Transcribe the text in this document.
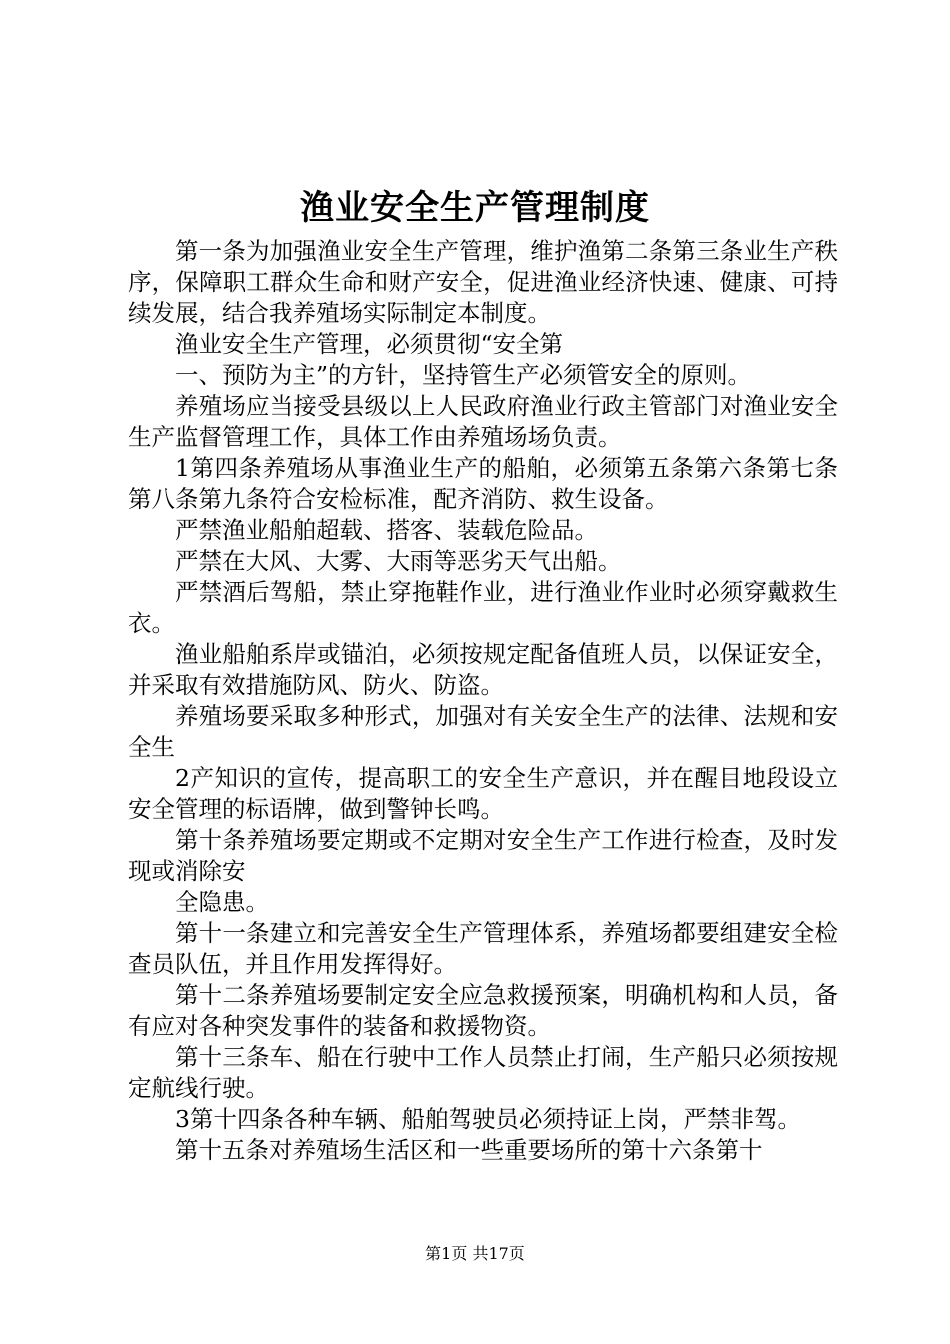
渔业安全生产管理制度

第一条为加强渔业安全生产管理，维护渔第二条第三条业生产秩序，保障职工群众生命和财产安全，促进渔业经济快速、健康、可持续发展，结合我养殖场实际制定本制度。

渔业安全生产管理，必须贯彻“安全第

一、预防为主”的方针，坚持管生产必须管安全的原则。

养殖场应当接受县级以上人民政府渔业行政主管部门对渔业安全生产监督管理工作，具体工作由养殖场场负责。

1第四条养殖场从事渔业生产的船舶，必须第五条第六条第七条第八条第九条符合安检标准，配齐消防、救生设备。

严禁渔业船舶超载、搭客、装载危险品。

严禁在大风、大雾、大雨等恶劣天气出船。

严禁酒后驾船，禁止穿拖鞋作业，进行渔业作业时必须穿戴救生衣。

渔业船舶系岸或锚泊，必须按规定配备值班人员，以保证安全，并采取有效措施防风、防火、防盗。

养殖场要采取多种形式，加强对有关安全生产的法律、法规和安全生

2产知识的宣传，提高职工的安全生产意识，并在醒目地段设立安全管理的标语牌，做到警钟长鸣。

第十条养殖场要定期或不定期对安全生产工作进行检查，及时发现或消除安

全隐患。

第十一条建立和完善安全生产管理体系，养殖场都要组建安全检查员队伍，并且作用发挥得好。

第十二条养殖场要制定安全应急救援预案，明确机构和人员，备有应对各种突发事件的装备和救援物资。

第十三条车、船在行驶中工作人员禁止打闹，生产船只必须按规定航线行驶。

3第十四条各种车辆、船舶驾驶员必须持证上岗，严禁非驾。

第十五条对养殖场生活区和一些重要场所的第十六条第十

第1页 共17页
